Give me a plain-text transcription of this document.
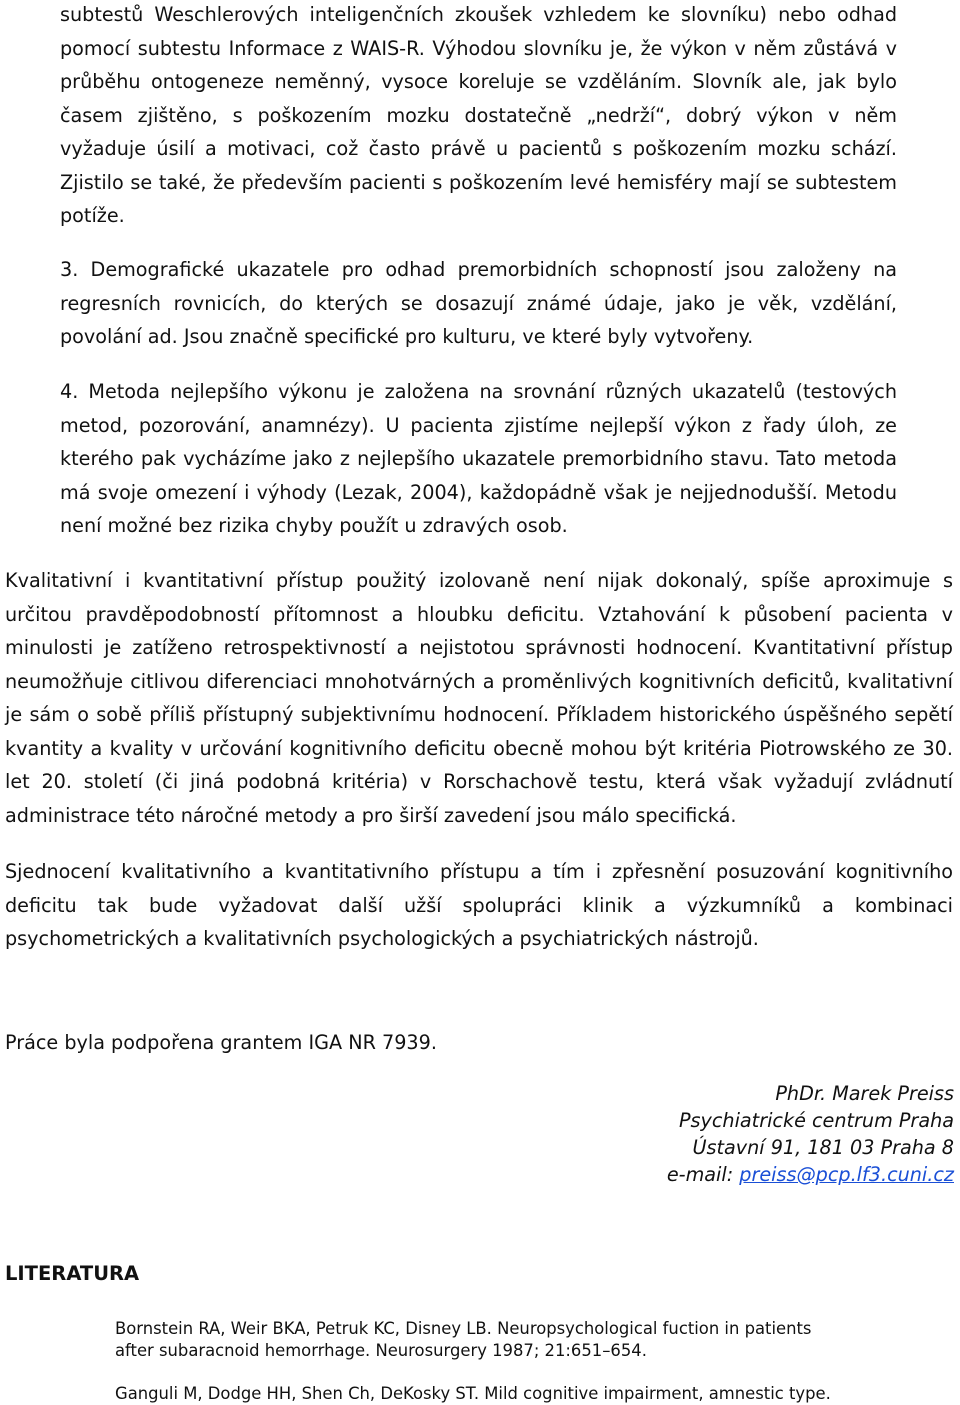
subtestů Weschlerových inteligenčních zkoušek vzhledem ke slovníku) nebo odhad pomocí subtestu Informace z WAIS-R. Výhodou slovníku je, že výkon v něm zůstává v průběhu ontogeneze neměnný, vysoce koreluje se vzděláním. Slovník ale, jak bylo časem zjištěno, s poškozením mozku dostatečně „nedrží“, dobrý výkon v něm vyžaduje úsilí a motivaci, což často právě u pacientů s poškozením mozku schází. Zjistilo se také, že především pacienti s poškozením levé hemisféry mají se subtestem potíže.

3. Demografické ukazatele pro odhad premorbidních schopností jsou založeny na regresních rovnicích, do kterých se dosazují známé údaje, jako je věk, vzdělání, povolání ad. Jsou značně specifické pro kulturu, ve které byly vytvořeny.

4. Metoda nejlepšího výkonu je založena na srovnání různých ukazatelů (testových metod, pozorování, anamnézy). U pacienta zjistíme nejlepší výkon z řady úloh, ze kterého pak vycházíme jako z nejlepšího ukazatele premorbidního stavu. Tato metoda má svoje omezení i výhody (Lezak, 2004), každopádně však je nejjednodušší. Metodu není možné bez rizika chyby použít u zdravých osob.

Kvalitativní i kvantitativní přístup použitý izolovaně není nijak dokonalý, spíše aproximuje s určitou pravděpodobností přítomnost a hloubku deficitu. Vztahování k působení pacienta v minulosti je zatíženo retrospektivností a nejistotou správnosti hodnocení. Kvantitativní přístup neumožňuje citlivou diferenciaci mnohotvárných a proměnlivých kognitivních deficitů, kvalitativní je sám o sobě příliš přístupný subjektivnímu hodnocení. Příkladem historického úspěšného sepětí kvantity a kvality v určování kognitivního deficitu obecně mohou být kritéria Piotrowského ze 30. let 20. století (či jiná podobná kritéria) v Rorschachově testu, která však vyžadují zvládnutí administrace této náročné metody a pro širší zavedení jsou málo specifická.

Sjednocení kvalitativního a kvantitativního přístupu a tím i zpřesnění posuzování kognitivního deficitu tak bude vyžadovat další užší spolupráci klinik a výzkumníků a kombinaci psychometrických a kvalitativních psychologických a psychiatrických nástrojů.

Práce byla podpořena grantem IGA NR 7939.

PhDr. Marek Preiss
Psychiatrické centrum Praha
Ústavní 91, 181 03 Praha 8
e-mail: preiss@pcp.lf3.cuni.cz
LITERATURA
Bornstein RA, Weir BKA, Petruk KC, Disney LB. Neuropsychological fuction in patients after subaracnoid hemorrhage. Neurosurgery 1987; 21:651–654.
Ganguli M, Dodge HH, Shen Ch, DeKosky ST. Mild cognitive impairment, amnestic type.
